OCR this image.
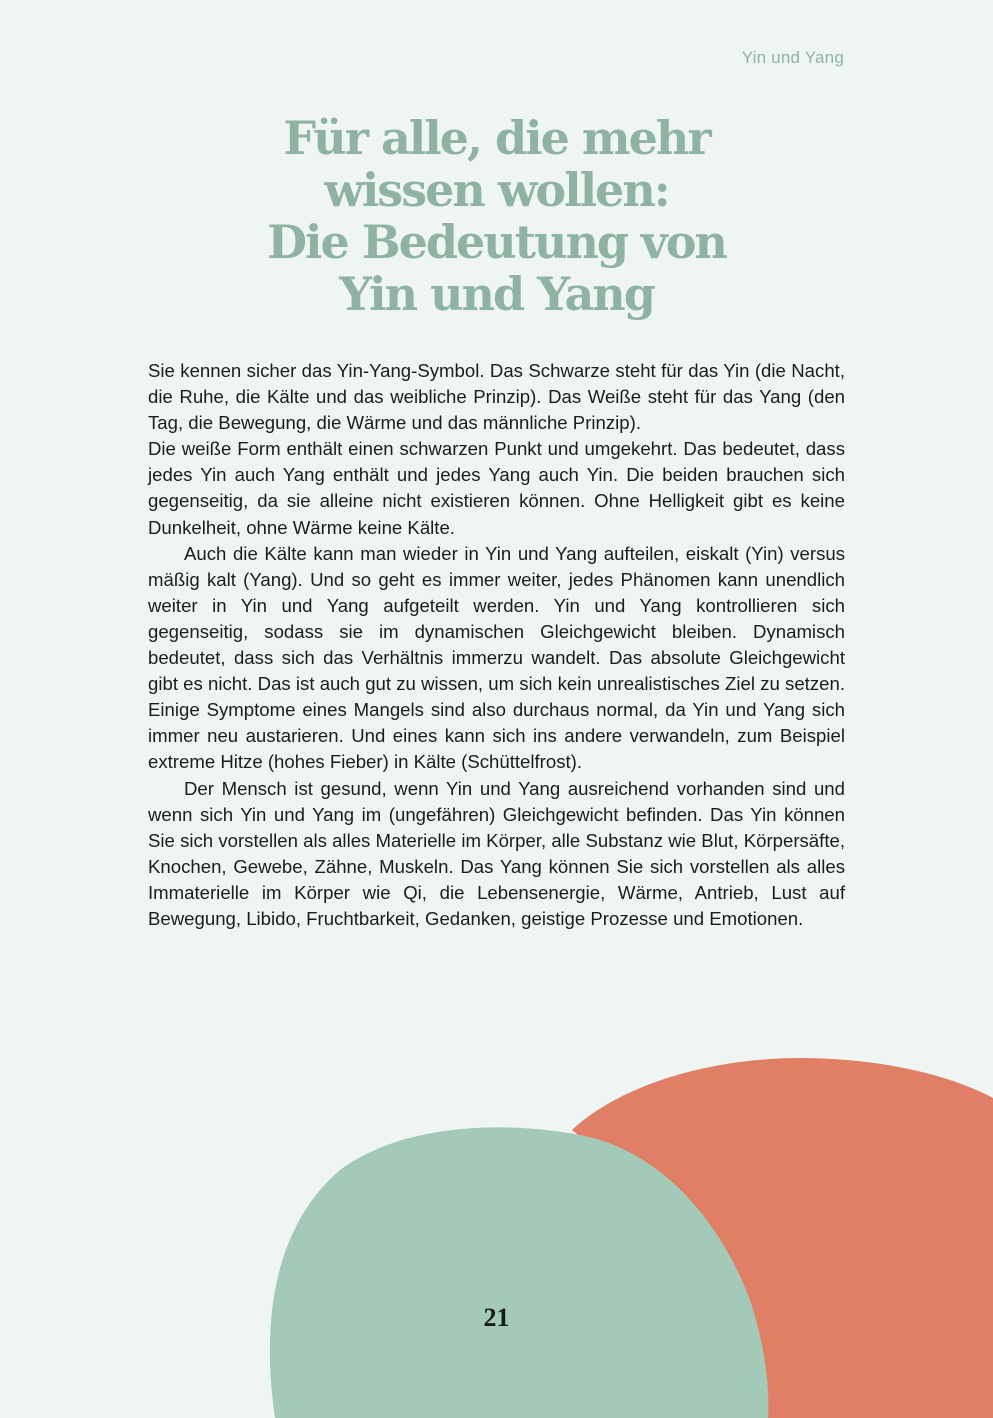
Yin und Yang
Für alle, die mehr
wissen wollen:
Die Bedeutung von
Yin und Yang

Sie kennen sicher das Yin-Yang-Symbol. Das Schwarze steht für das Yin (die Nacht, die Ruhe, die Kälte und das weibliche Prinzip). Das Weiße steht für das Yang (den Tag, die Bewegung, die Wärme und das männliche Prinzip).

Die weiße Form enthält einen schwarzen Punkt und umgekehrt. Das bedeutet, dass jedes Yin auch Yang enthält und jedes Yang auch Yin. Die beiden brauchen sich gegenseitig, da sie alleine nicht existieren können. Ohne Helligkeit gibt es keine Dunkelheit, ohne Wärme keine Kälte.

Auch die Kälte kann man wieder in Yin und Yang aufteilen, eiskalt (Yin) versus mäßig kalt (Yang). Und so geht es immer weiter, jedes Phänomen kann unendlich weiter in Yin und Yang aufgeteilt werden. Yin und Yang kontrollieren sich gegenseitig, sodass sie im dynamischen Gleichgewicht bleiben. Dynamisch bedeutet, dass sich das Verhältnis immerzu wandelt. Das absolute Gleichgewicht gibt es nicht. Das ist auch gut zu wissen, um sich kein unrealistisches Ziel zu setzen. Einige Symptome eines Mangels sind also durchaus normal, da Yin und Yang sich immer neu austarieren. Und eines kann sich ins andere verwandeln, zum Beispiel extreme Hitze (hohes Fieber) in Kälte (Schüttelfrost).

Der Mensch ist gesund, wenn Yin und Yang ausreichend vorhanden sind und wenn sich Yin und Yang im (ungefähren) Gleichgewicht befinden. Das Yin können Sie sich vorstellen als alles Materielle im Körper, alle Substanz wie Blut, Körpersäfte, Knochen, Gewebe, Zähne, Muskeln. Das Yang können Sie sich vorstellen als alles Immaterielle im Körper wie Qi, die Lebensenergie, Wärme, Antrieb, Lust auf Bewegung, Libido, Fruchtbarkeit, Gedanken, geistige Prozesse und Emotionen.

21
